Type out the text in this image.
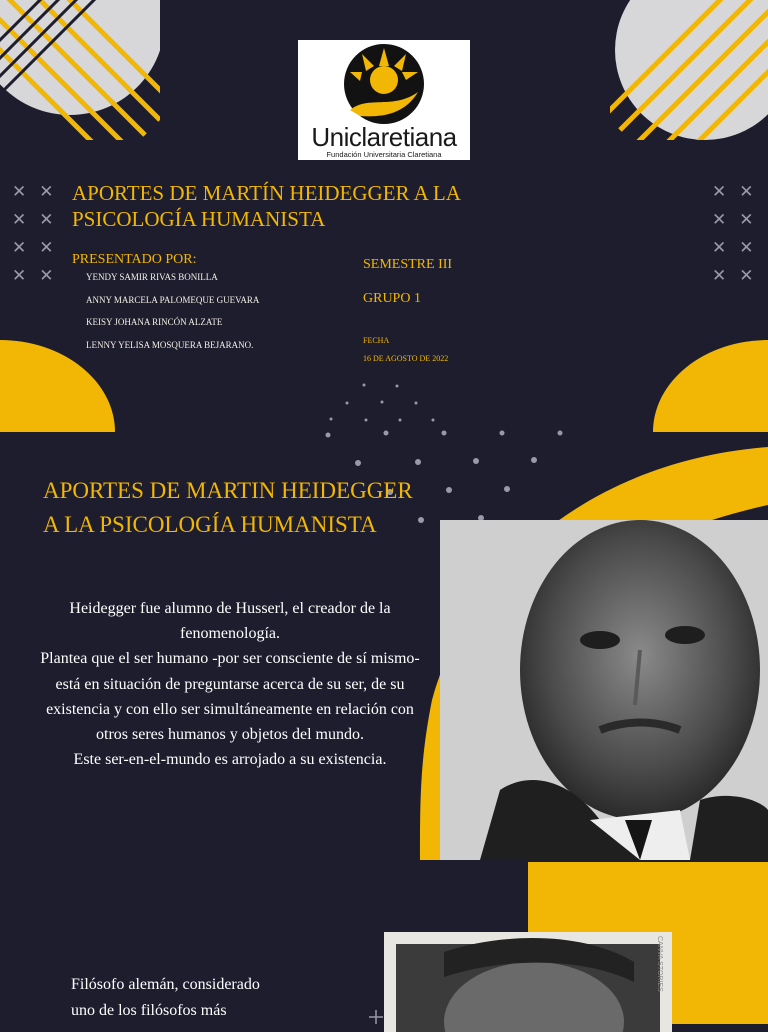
✕✕
✕✕
✕✕
✕✕
✕✕
✕✕
✕✕
✕✕
Uniclaretiana
Fundación Universitaria Claretiana
APORTES DE MARTÍN HEIDEGGER A LA PSICOLOGÍA HUMANISTA
PRESENTADO POR:
YENDY SAMIR RIVAS BONILLA
ANNY MARCELA PALOMEQUE GUEVARA
KEISY JOHANA RINCÓN ALZATE
LENNY YELISA MOSQUERA BEJARANO.
SEMESTRE III
GRUPO 1
FECHA
16 DE AGOSTO DE 2022
APORTES DE MARTIN HEIDEGGER A LA PSICOLOGÍA HUMANISTA
Heidegger fue alumno de Husserl, el creador de la fenomenología.
Plantea que el ser humano -por ser consciente de sí mismo- está en situación de preguntarse acerca de su ser, de su existencia y con ello ser simultáneamente en relación con otros seres humanos y objetos del mundo.
Este ser-en-el-mundo es arrojado a su existencia.
CANVA STORIES
Filósofo alemán, considerado
uno de los filósofos más
